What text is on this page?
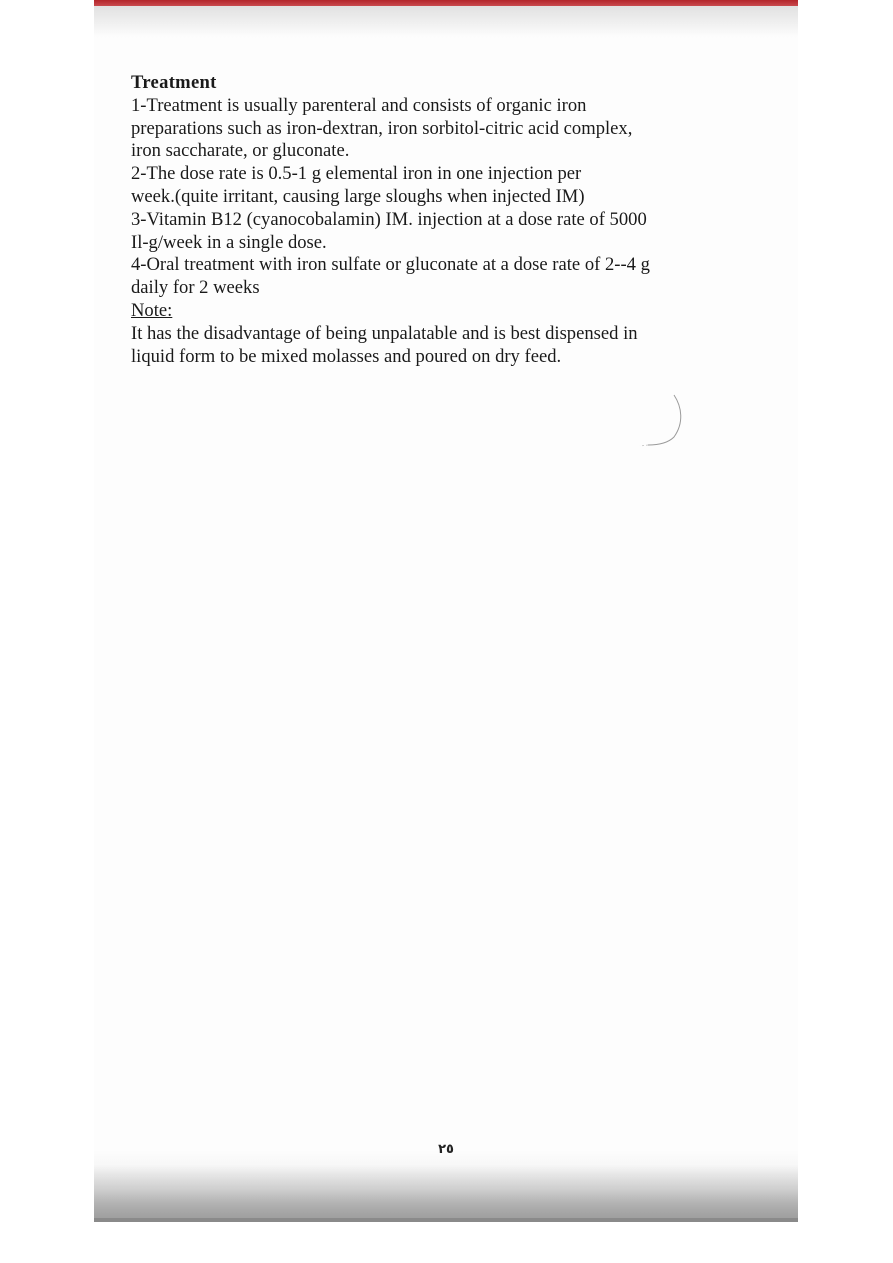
Treatment

1-Treatment is usually parenteral and consists of organic iron

preparations such as iron-dextran, iron sorbitol-citric acid complex,

iron saccharate, or gluconate.

2-The dose rate is 0.5-1 g elemental iron in one injection per

week.(quite irritant, causing large sloughs when injected IM)

3-Vitamin B12 (cyanocobalamin) IM. injection at a dose rate of 5000

Il-g/week in a single dose.

4-Oral treatment with iron sulfate or gluconate at a dose rate of 2--4 g

daily for 2 weeks

Note:

It has the disadvantage of being unpalatable and is best dispensed in

liquid form to be mixed molasses and poured on dry feed.

٢٥
